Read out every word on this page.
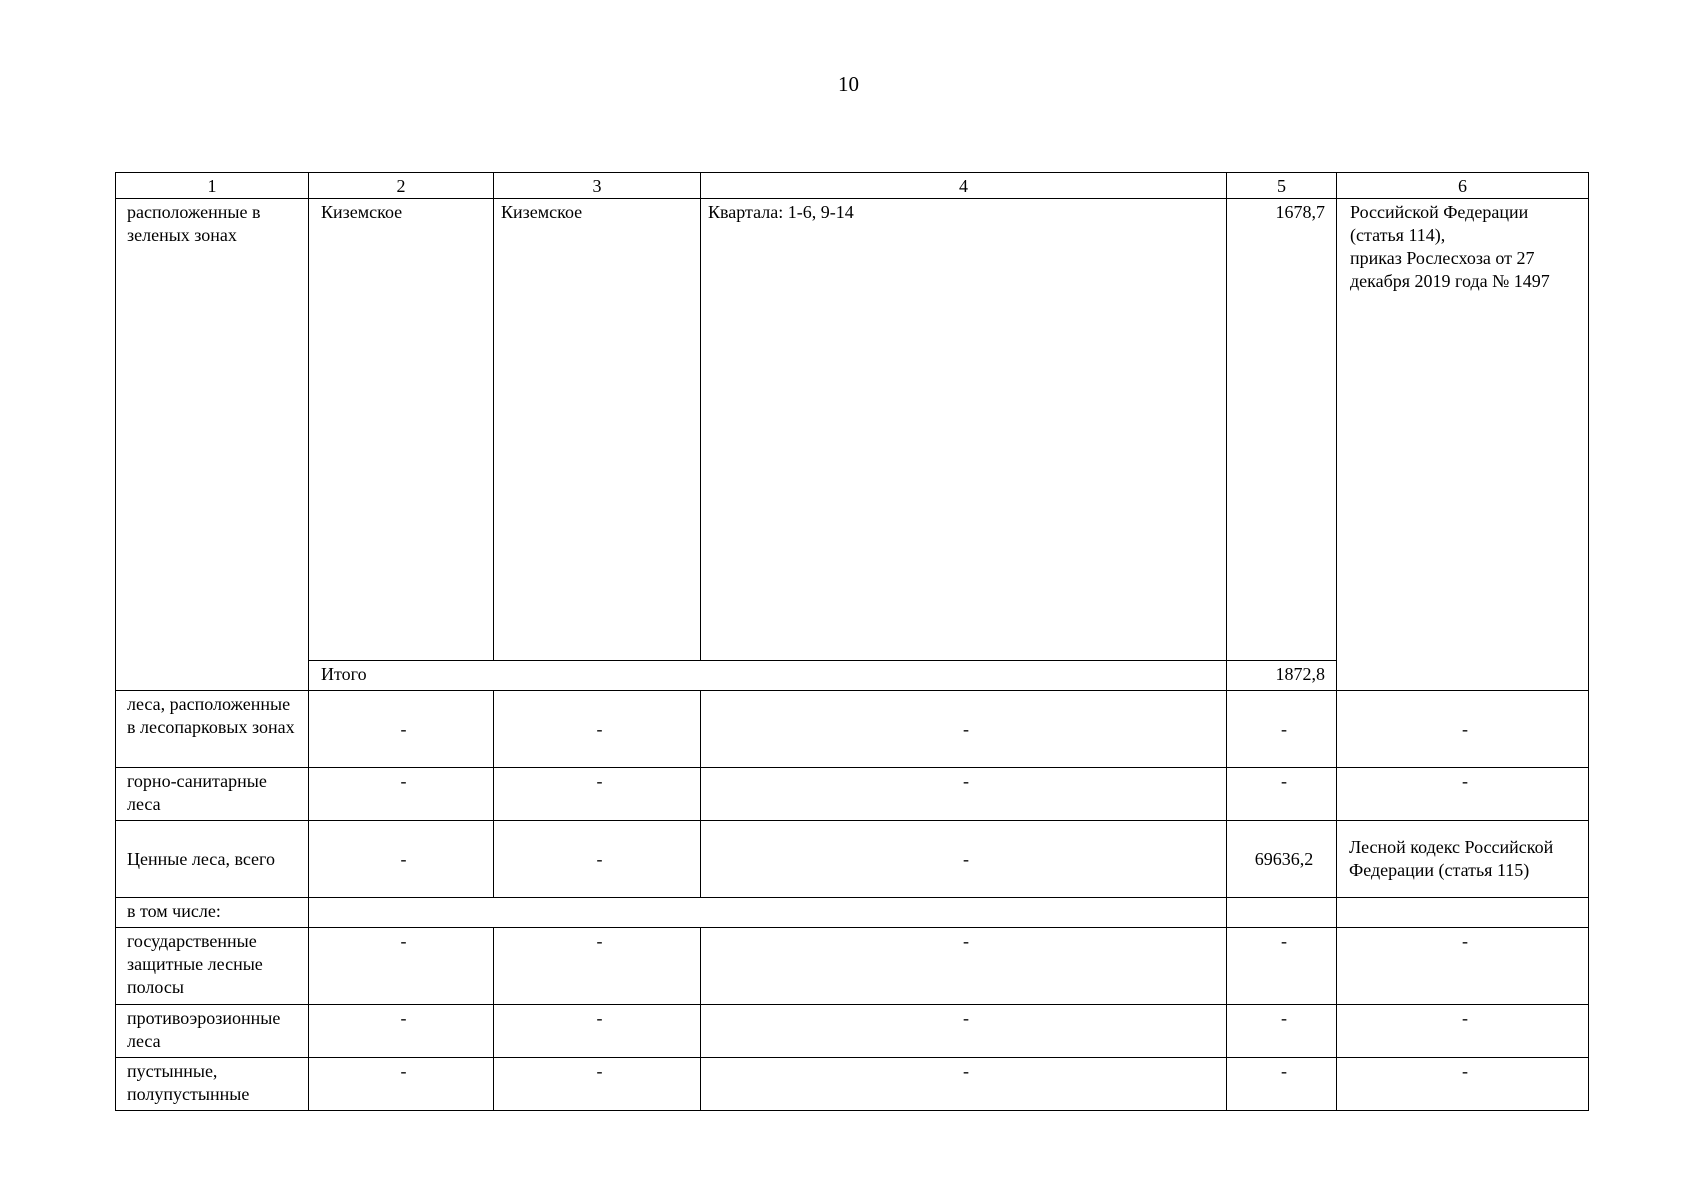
10
1	2	3	4	5	6
расположенные в зеленых зонах	Киземское	Киземское	Квартала: 1-6, 9-14	1678,7	Российской Федерации
(статья 114),
приказ Рослесхоза от 27 декабря 2019 года № 1497

	Итого			1872,8	
леса, расположенные в лесопарковых зонах	-	-	-	-	-
горно-санитарные леса	-	-	-	-	-
Ценные леса, всего	-	-	-	69636,2	Лесной кодекс Российской Федерации (статья 115)
в том числе:					
государственные защитные лесные полосы	-	-	-	-	-
противоэрозионные леса	-	-	-	-	-
пустынные, полупустынные	-	-	-	-	-
